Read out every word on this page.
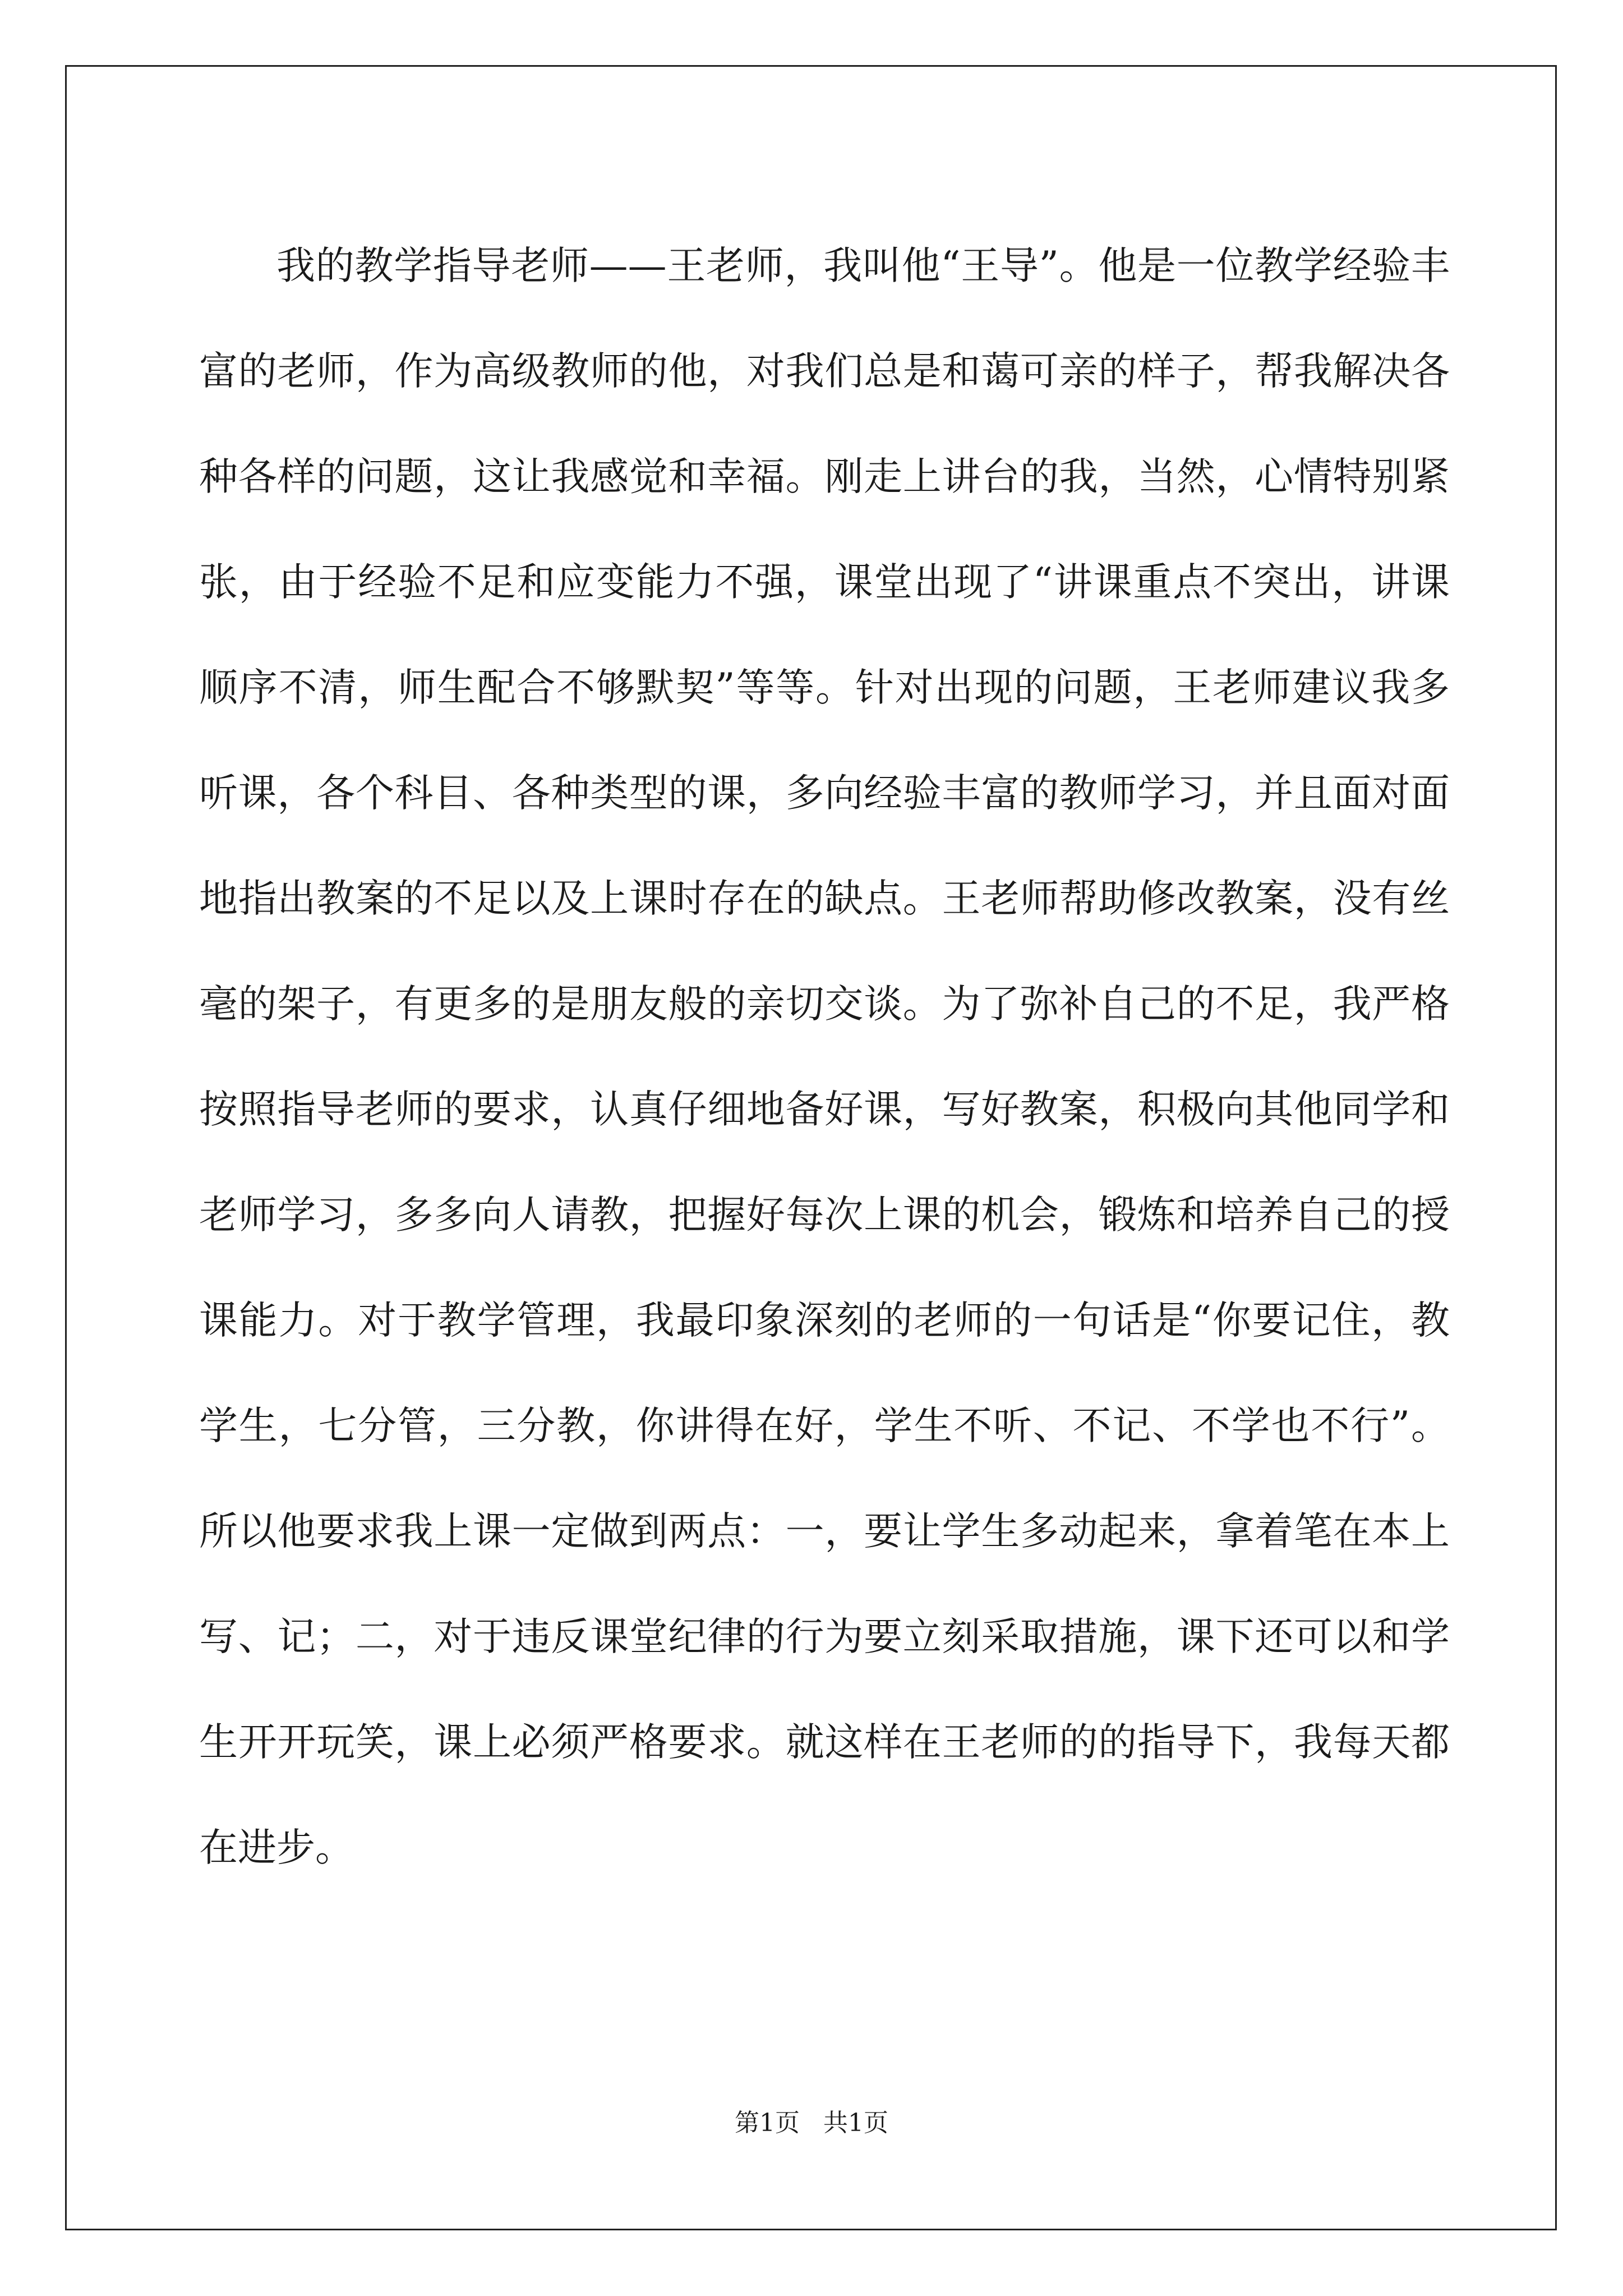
我的教学指导老师——王老师，我叫他“王导”。他是一位教学经验丰富的老师，作为高级教师的他，对我们总是和蔼可亲的样子，帮我解决各种各样的问题，这让我感觉和幸福。刚走上讲台的我，当然，心情特别紧张，由于经验不足和应变能力不强，课堂出现了“讲课重点不突出，讲课顺序不清，师生配合不够默契”等等。针对出现的问题，王老师建议我多听课，各个科目、各种类型的课，多向经验丰富的教师学习，并且面对面地指出教案的不足以及上课时存在的缺点。王老师帮助修改教案，没有丝毫的架子，有更多的是朋友般的亲切交谈。为了弥补自己的不足，我严格按照指导老师的要求，认真仔细地备好课，写好教案，积极向其他同学和老师学习，多多向人请教，把握好每次上课的机会，锻炼和培养自己的授课能力。对于教学管理，我最印象深刻的老师的一句话是“你要记住，教学生，七分管，三分教，你讲得在好，学生不听、不记、不学也不行”。所以他要求我上课一定做到两点：一，要让学生多动起来，拿着笔在本上写、记；二，对于违反课堂纪律的行为要立刻采取措施，课下还可以和学生开开玩笑，课上必须严格要求。就这样在王老师的的指导下，我每天都在进步。

第1页   共1页
